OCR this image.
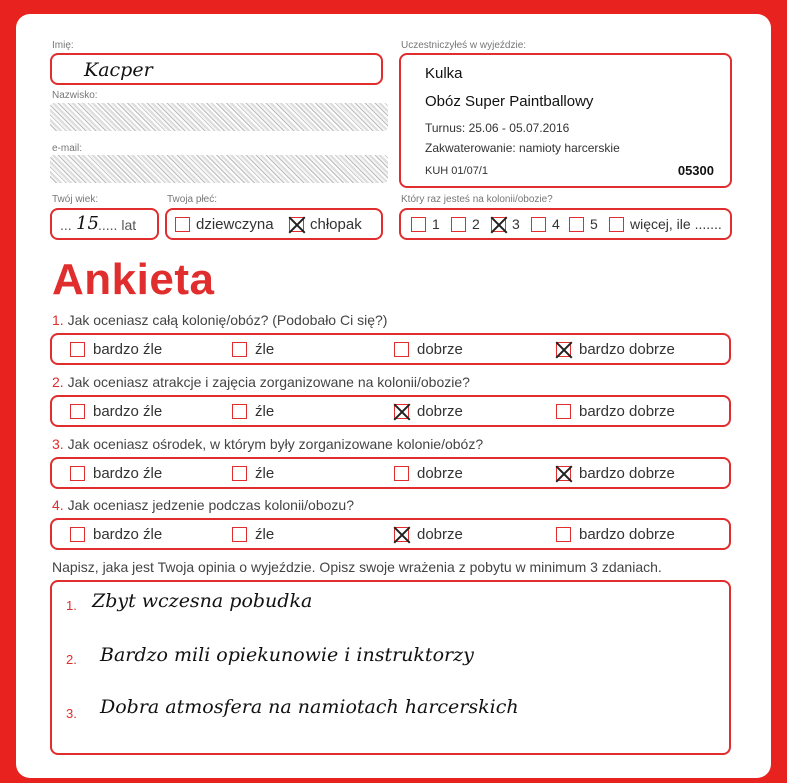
Imię:
Kacper
Nazwisko:
e-mail:
Uczestniczyłeś w wyjeździe:
Kulka
Obóz Super Paintballowy
Turnus: 25.06 - 05.07.2016
Zakwaterowanie: namioty harcerskie
KUH 01/07/1	05300
Twój wiek:
... 15 ..... lat
Twoja płeć:
dziewczyna chłopak
Który raz jesteś na kolonii/obozie?
1 2 3 4 5 więcej, ile .......
Ankieta
1. Jak oceniasz całą kolonię/obóz? (Podobało Ci się?)
bardzo źle	źle	dobrze	bardzo dobrze
2. Jak oceniasz atrakcje i zajęcia zorganizowane na kolonii/obozie?
bardzo źle	źle	dobrze	bardzo dobrze
3. Jak oceniasz ośrodek, w którym były zorganizowane kolonie/obóz?
bardzo źle	źle	dobrze	bardzo dobrze
4. Jak oceniasz jedzenie podczas kolonii/obozu?
bardzo źle	źle	dobrze	bardzo dobrze
Napisz, jaka jest Twoja opinia o wyjeździe. Opisz swoje wrażenia z pobytu w minimum 3 zdaniach.
1. Zbyt wczesna pobudka
2. Bardzo mili opiekunowie i instruktorzy
3. Dobra atmosfera na namiotach harcerskich
